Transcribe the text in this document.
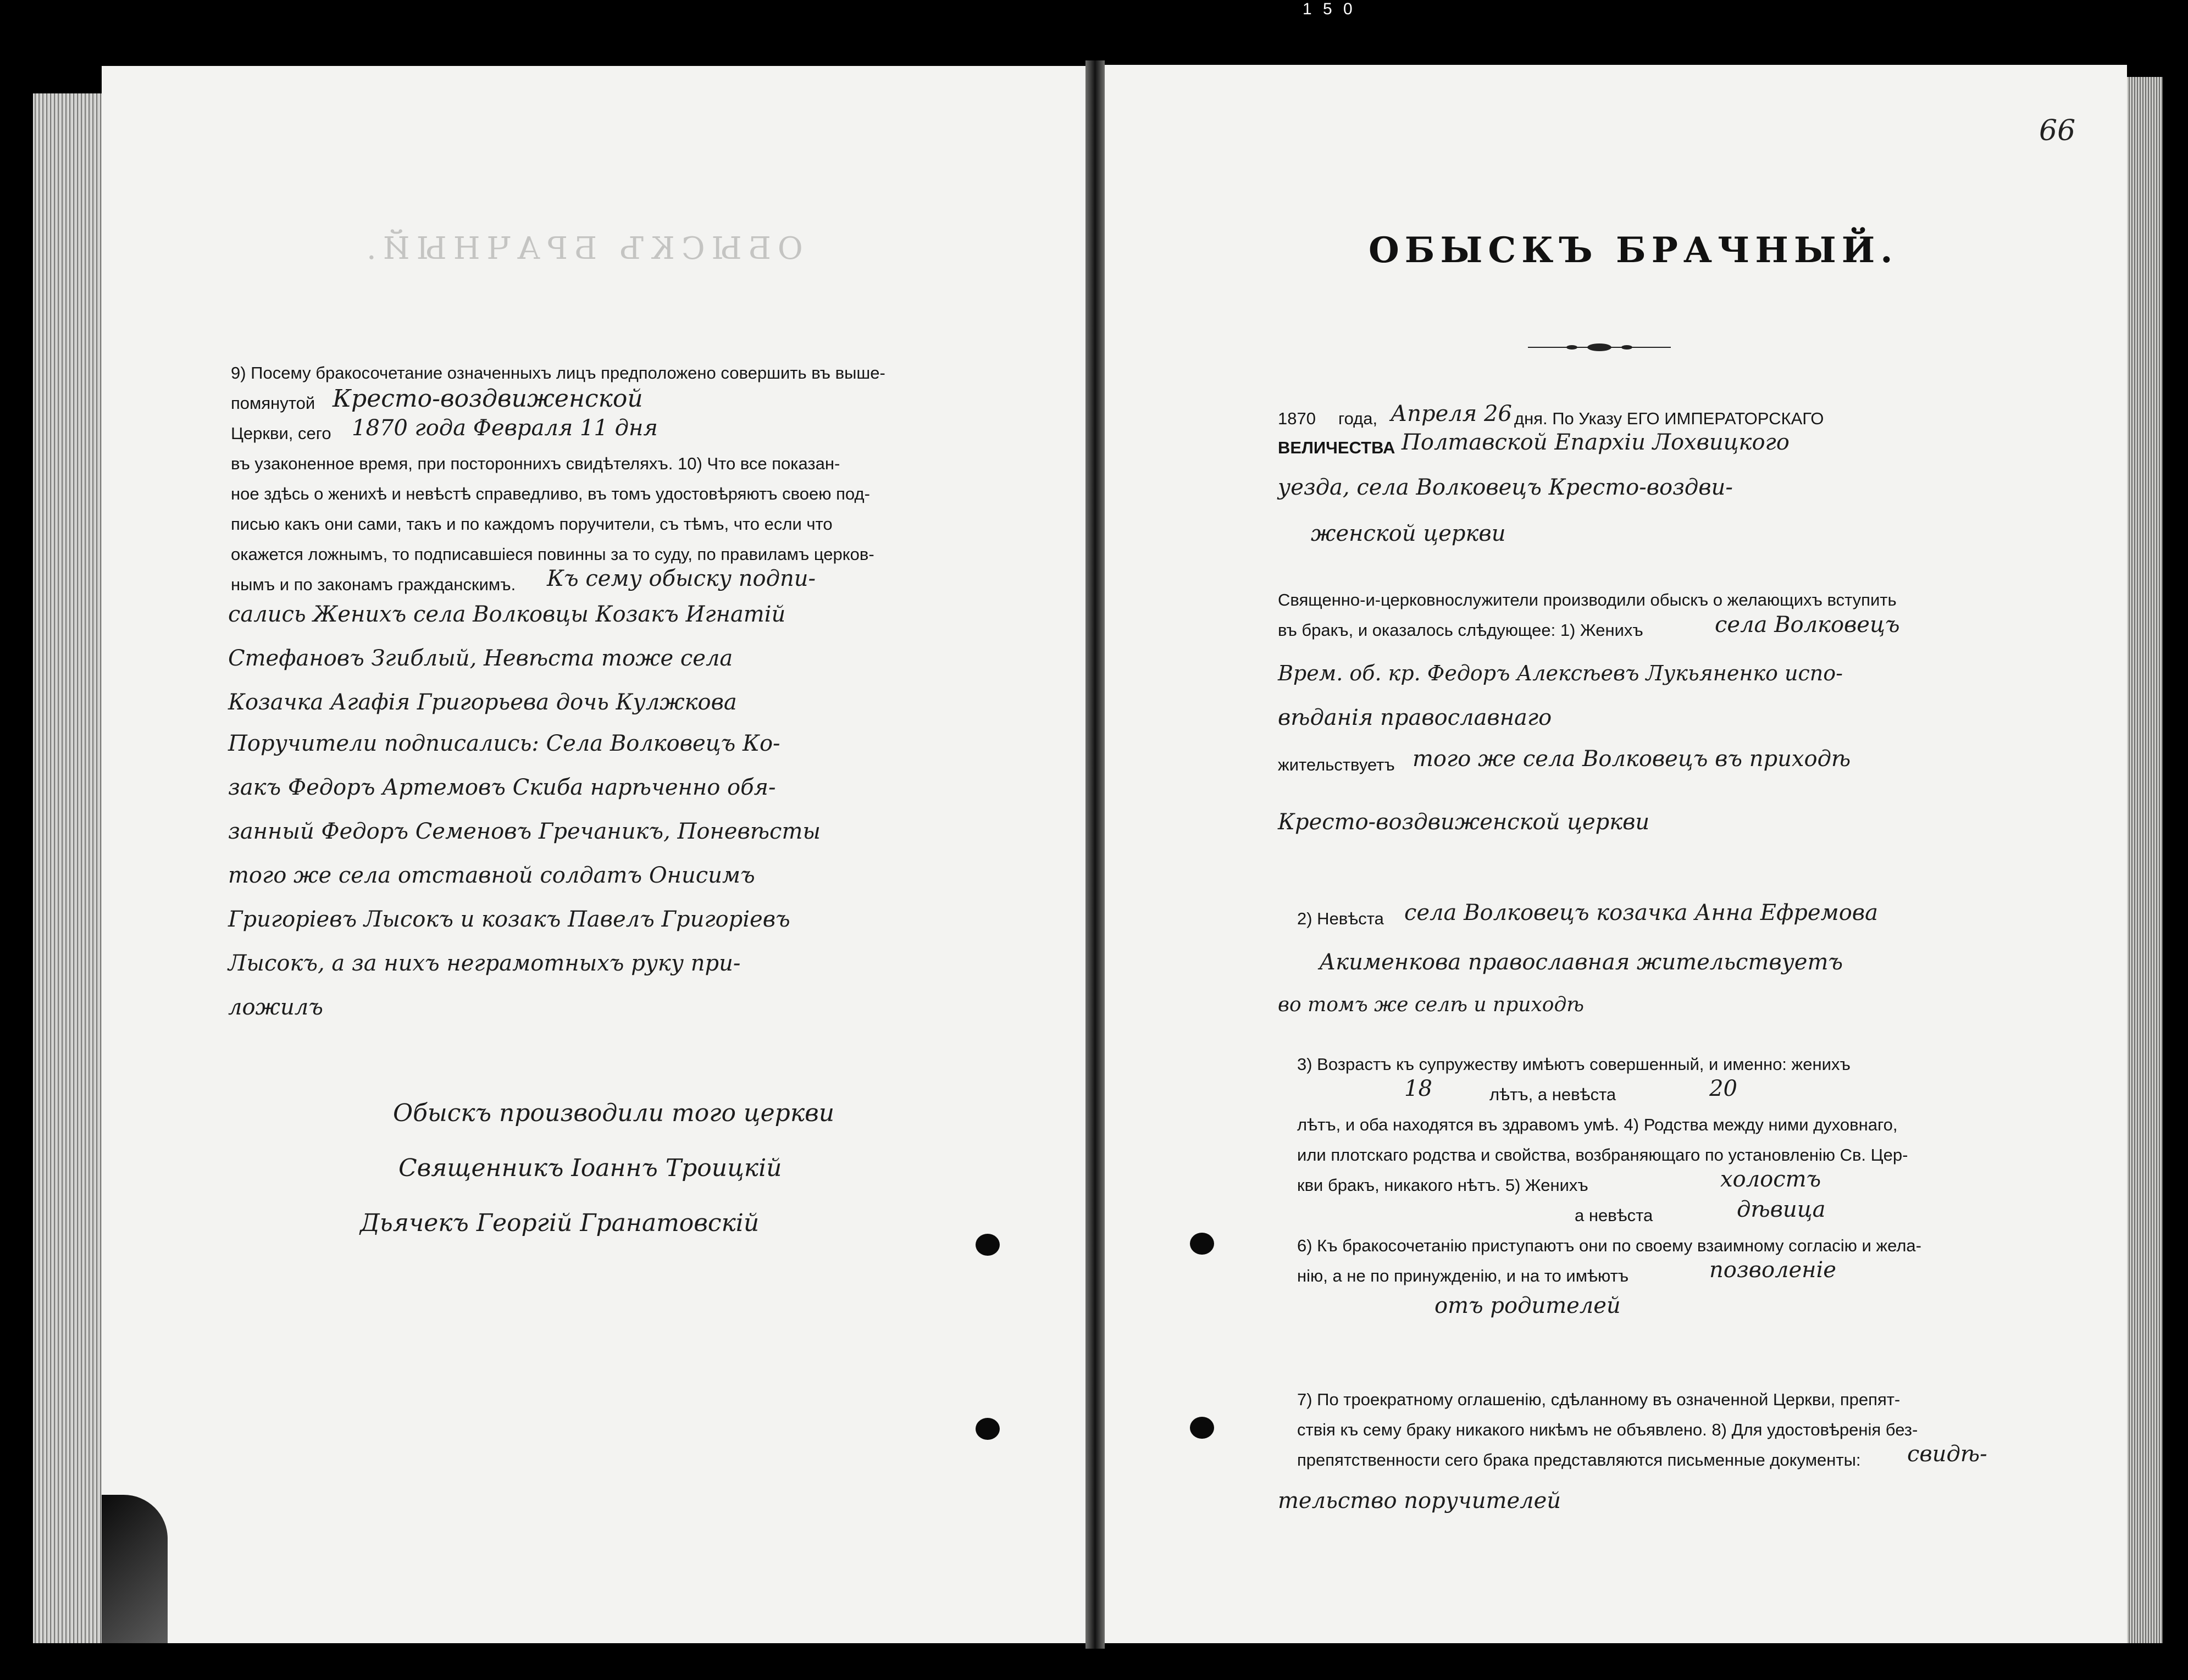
1 5 0
ОБЫСКЪ БРАЧНЫЙ.
9) Посему бракосочетание означенныхъ лицъ предположено совершить въ выше-
помянутой Кресто-воздвиженской
Церкви, сего 1870 года Февраля 11 дня
въ узаконенное время, при постороннихъ свидѣтеляхъ. 10) Что все показан-
ное здѣсь о женихѣ и невѣстѣ справедливо, въ томъ удостовѣряютъ своею под-
писью какъ они сами, такъ и по каждомъ поручители, съ тѣмъ, что если что
окажется ложнымъ, то подписавшіеся повинны за то суду, по правиламъ церков-
нымъ и по законамъ гражданскимъ. Къ сему обыску подпи-
сались Женихъ села Волковцы Козакъ Игнатiй
Стефановъ Згиблый, Невѣста тоже села
Козачка Агафiя Григорьева дочь Кулжкова
Поручители подписались: Села Волковецъ Ко-
закъ Федоръ Артемовъ Скиба нарѣченно обя-
занный Федоръ Семеновъ Гречаникъ, Поневѣсты
того же села отставной солдатъ Онисимъ
Григорiевъ Лысокъ и козакъ Павелъ Григорiевъ
Лысокъ, а за нихъ неграмотныхъ руку при-
ложилъ
Обыскъ производили того церкви
Священникъ Iоаннъ Троицкiй
Дьячекъ Георгiй Гранатовскiй
66
ОБЫСКЪ БРАЧНЫЙ.
1870 года, Апреля 26 дня. По Указу ЕГО ИМПЕРАТОРСКАГО
ВЕЛИЧЕСТВА Полтавской Епархiи Лохвицкого
уезда, села Волковецъ Кресто-воздви-
женской церкви
Священно-и-церковнослужители производили обыскъ о желающихъ вступить
въ бракъ, и оказалось слѣдующее: 1) Женихъ	села Волковецъ
Врем. об. кр. Федоръ Алексѣевъ Лукьяненко испо-
вѣданiя православнаго
жительствуетъ того же села Волковецъ въ приходѣ
Кресто-воздвиженской церкви
2) Невѣста села Волковецъ козачка Анна Ефремова
Акименкова православная жительствуетъ
во томъ же селѣ и приходѣ
3) Возрастъ къ супружеству имѣютъ совершенный, и именно: женихъ
18	лѣтъ, а невѣста	20
лѣтъ, и оба находятся въ здравомъ умѣ. 4) Родства между ними духовнаго,
или плотскаго родства и свойства, возбраняющаго по установленію Св. Цер-
кви бракъ, никакого нѣтъ. 5) Женихъ	холостъ
а невѣста	дѣвица
6) Къ бракосочетанію приступаютъ они по своему взаимному согласію и жела-
нію, а не по принужденію, и на то имѣютъ	позволенiе
отъ родителей
7) По троекратному оглашенію, сдѣланному въ означенной Церкви, препят-
ствія къ сему браку никакого никѣмъ не объявлено. 8) Для удостовѣренія без-
препятственности сего брака представляются письменные документы: свидѣ-
тельство поручителей
